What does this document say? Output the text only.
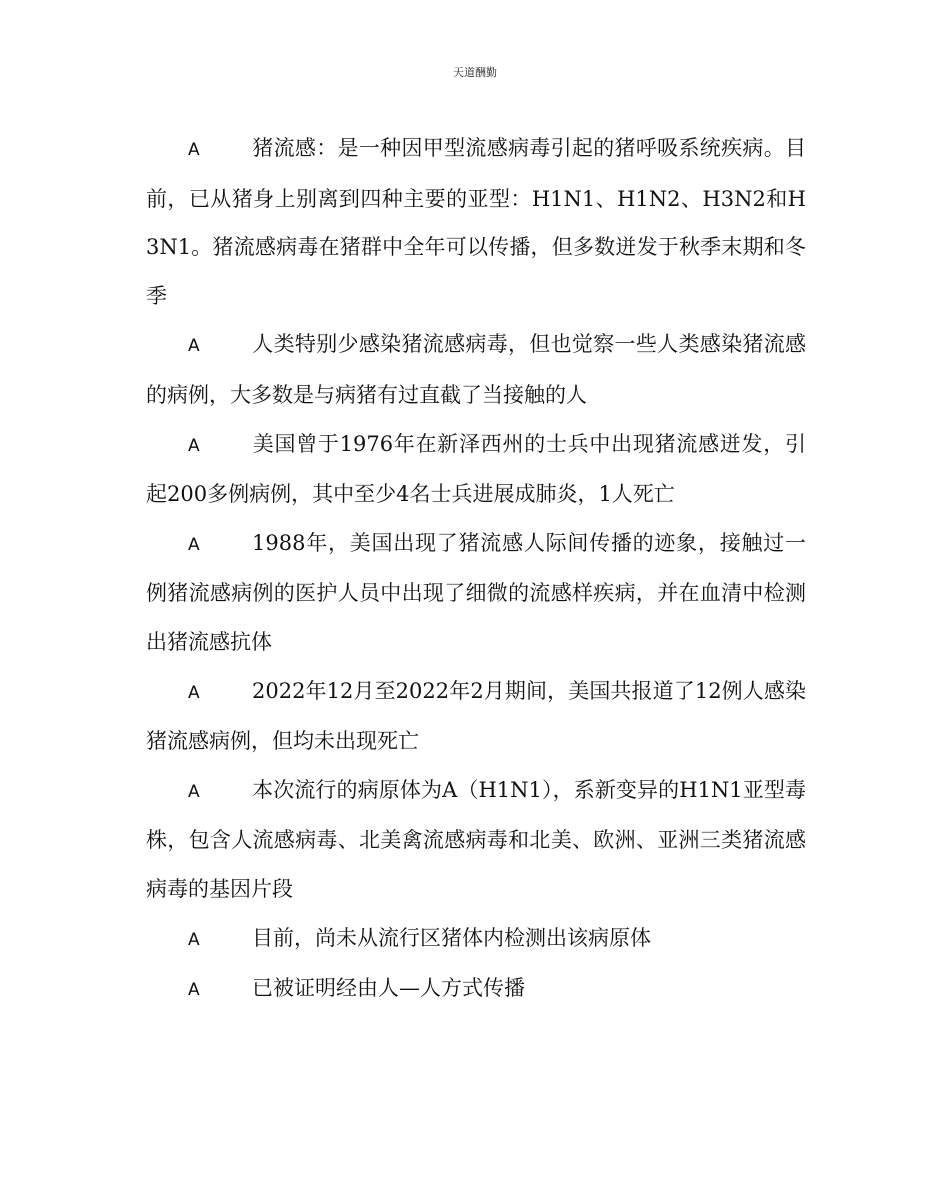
天道酬勤

A 猪流感：是一种因甲型流感病毒引起的猪呼吸系统疾病。目前，已从猪身上别离到四种主要的亚型：H1N1、H1N2、H3N2和H3N1。猪流感病毒在猪群中全年可以传播，但多数迸发于秋季末期和冬季

A 人类特别少感染猪流感病毒，但也觉察一些人类感染猪流感的病例，大多数是与病猪有过直截了当接触的人

A 美国曾于1976年在新泽西州的士兵中出现猪流感迸发，引起200多例病例，其中至少4名士兵进展成肺炎，1人死亡

A 1988年，美国出现了猪流感人际间传播的迹象，接触过一例猪流感病例的医护人员中出现了细微的流感样疾病，并在血清中检测出猪流感抗体

A 2022年12月至2022年2月期间，美国共报道了12例人感染猪流感病例，但均未出现死亡

A 本次流行的病原体为A（H1N1），系新变异的H1N1亚型毒株，包含人流感病毒、北美禽流感病毒和北美、欧洲、亚洲三类猪流感病毒的基因片段

A 目前，尚未从流行区猪体内检测出该病原体

A 已被证明经由人—人方式传播
